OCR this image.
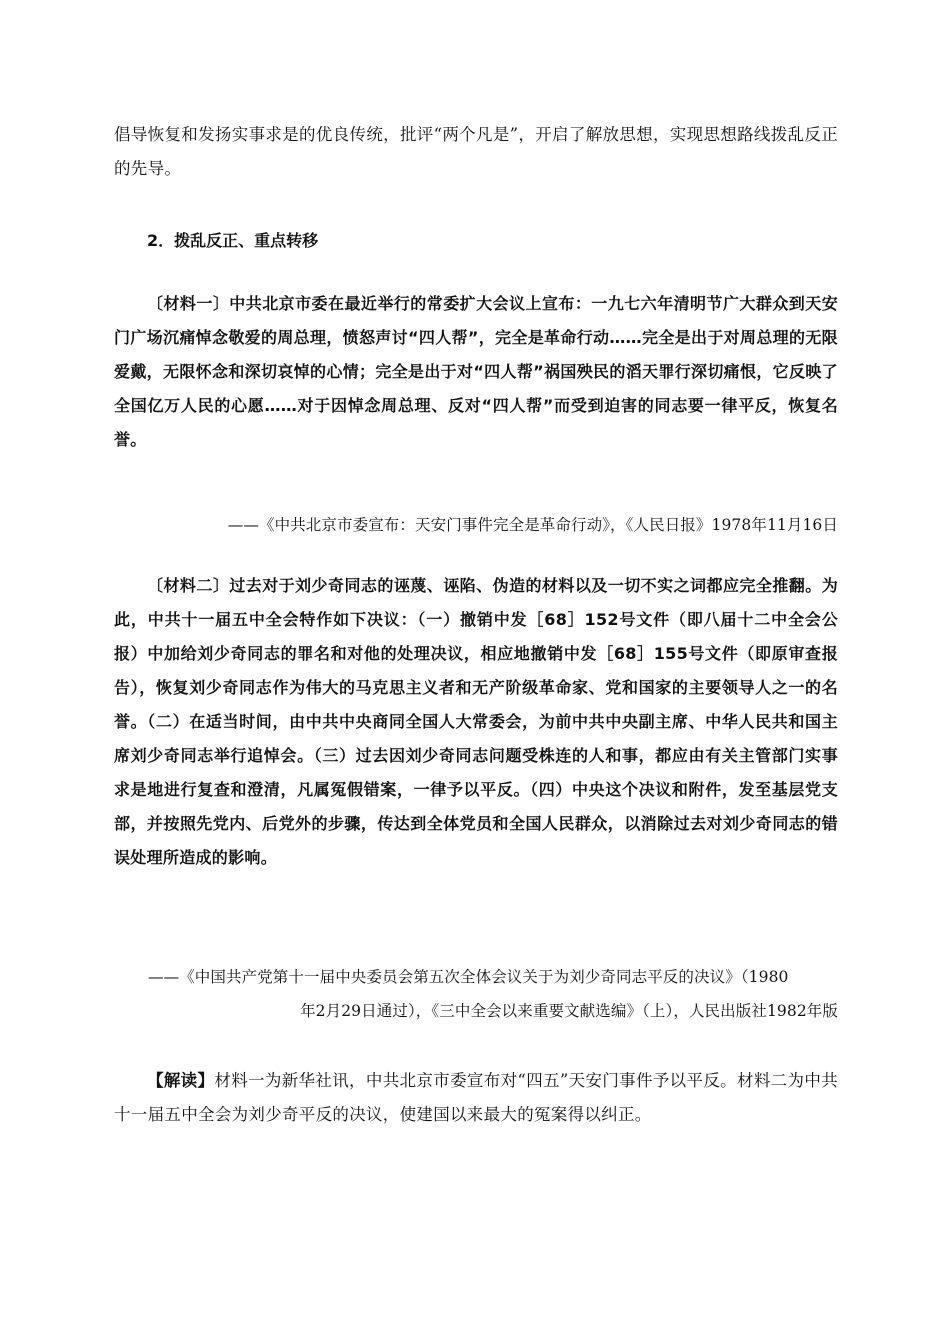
倡导恢复和发扬实事求是的优良传统，批评“两个凡是”，开启了解放思想，实现思想路线拨乱反正的先导。

2．拨乱反正、重点转移

〔材料一〕中共北京市委在最近举行的常委扩大会议上宣布：一九七六年清明节广大群众到天安门广场沉痛悼念敬爱的周总理，愤怒声讨“四人帮”，完全是革命行动……完全是出于对周总理的无限爱戴，无限怀念和深切哀悼的心情；完全是出于对“四人帮”祸国殃民的滔天罪行深切痛恨，它反映了全国亿万人民的心愿……对于因悼念周总理、反对“四人帮”而受到迫害的同志要一律平反，恢复名誉。

——《中共北京市委宣布：天安门事件完全是革命行动》，《人民日报》1978年11月16日

〔材料二〕过去对于刘少奇同志的诬蔑、诬陷、伪造的材料以及一切不实之词都应完全推翻。为此，中共十一届五中全会特作如下决议：（一）撤销中发［68］152号文件（即八届十二中全会公报）中加给刘少奇同志的罪名和对他的处理决议，相应地撤销中发［68］155号文件（即原审查报告），恢复刘少奇同志作为伟大的马克思主义者和无产阶级革命家、党和国家的主要领导人之一的名誉。（二）在适当时间，由中共中央商同全国人大常委会，为前中共中央副主席、中华人民共和国主席刘少奇同志举行追悼会。（三）过去因刘少奇同志问题受株连的人和事，都应由有关主管部门实事求是地进行复查和澄清，凡属冤假错案，一律予以平反。（四）中央这个决议和附件，发至基层党支部，并按照先党内、后党外的步骤，传达到全体党员和全国人民群众，以消除过去对刘少奇同志的错误处理所造成的影响。

——《中国共产党第十一届中央委员会第五次全体会议关于为刘少奇同志平反的决议》（1980

年2月29日通过），《三中全会以来重要文献选编》（上），人民出版社1982年版

【解读】材料一为新华社讯，中共北京市委宣布对“四五”天安门事件予以平反。材料二为中共十一届五中全会为刘少奇平反的决议，使建国以来最大的冤案得以纠正。
